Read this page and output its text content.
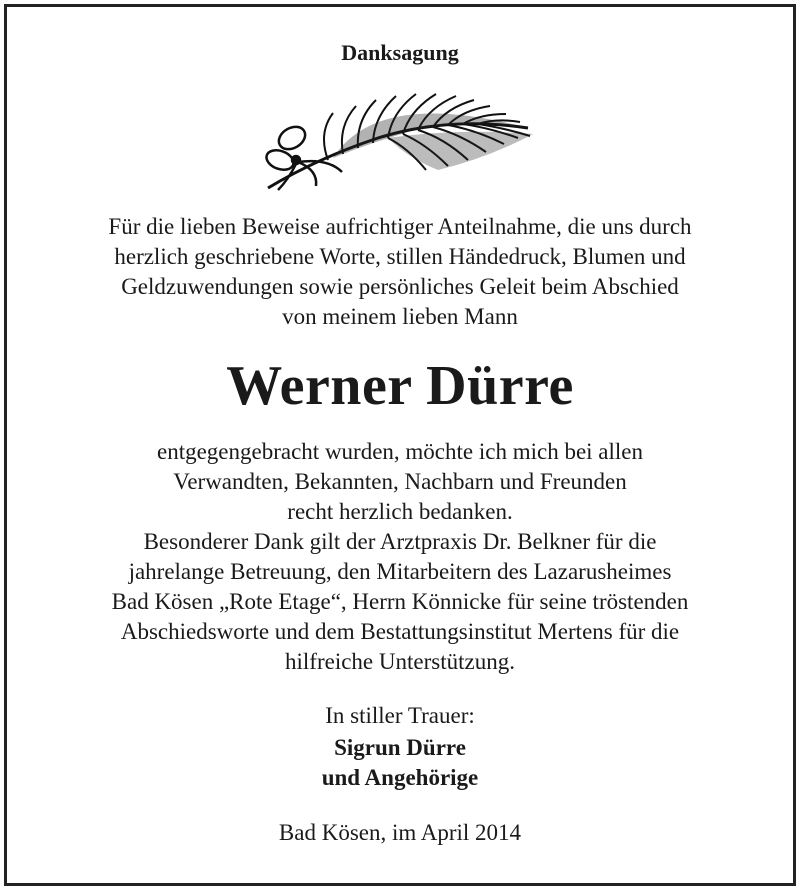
Danksagung
Für die lieben Beweise aufrichtiger Anteilnahme, die uns durch
herzlich geschriebene Worte, stillen Händedruck, Blumen und
Geldzuwendungen sowie persönliches Geleit beim Abschied
von meinem lieben Mann
Werner Dürre
entgegengebracht wurden, möchte ich mich bei allen
Verwandten, Bekannten, Nachbarn und Freunden
recht herzlich bedanken.
Besonderer Dank gilt der Arztpraxis Dr. Belkner für die
jahrelange Betreuung, den Mitarbeitern des Lazarusheimes
Bad Kösen „Rote Etage“, Herrn Könnicke für seine tröstenden
Abschiedsworte und dem Bestattungsinstitut Mertens für die
hilfreiche Unterstützung.
In stiller Trauer:
Sigrun Dürre
und Angehörige
Bad Kösen, im April 2014
